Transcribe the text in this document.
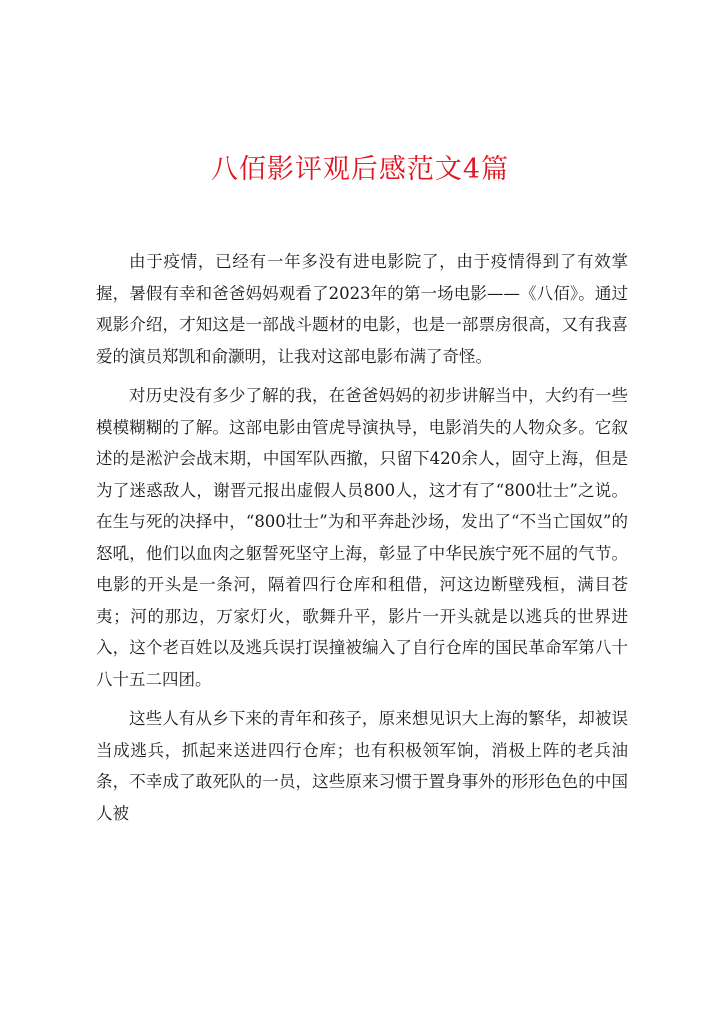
八佰影评观后感范文4篇

由于疫情，已经有一年多没有进电影院了，由于疫情得到了有效掌握，暑假有幸和爸爸妈妈观看了2023年的第一场电影——《八佰》。通过观影介绍，才知这是一部战斗题材的电影，也是一部票房很高，又有我喜爱的演员郑凯和俞灏明，让我对这部电影布满了奇怪。

对历史没有多少了解的我，在爸爸妈妈的初步讲解当中，大约有一些模模糊糊的了解。这部电影由管虎导演执导，电影消失的人物众多。它叙述的是淞沪会战末期，中国军队西撤，只留下420余人，固守上海，但是为了迷惑敌人，谢晋元报出虚假人员800人，这才有了“800壮士”之说。在生与死的决择中，“800壮士”为和平奔赴沙场，发出了“不当亡国奴”的怒吼，他们以血肉之躯誓死坚守上海，彰显了中华民族宁死不屈的气节。电影的开头是一条河，隔着四行仓库和租借，河这边断壁残桓，满目苍夷；河的那边，万家灯火，歌舞升平，影片一开头就是以逃兵的世界进入，这个老百姓以及逃兵误打误撞被编入了自行仓库的国民革命军第八十八十五二四团。

这些人有从乡下来的青年和孩子，原来想见识大上海的繁华，却被误当成逃兵，抓起来送进四行仓库；也有积极领军饷，消极上阵的老兵油条，不幸成了敢死队的一员，这些原来习惯于置身事外的形形色色的中国人被
